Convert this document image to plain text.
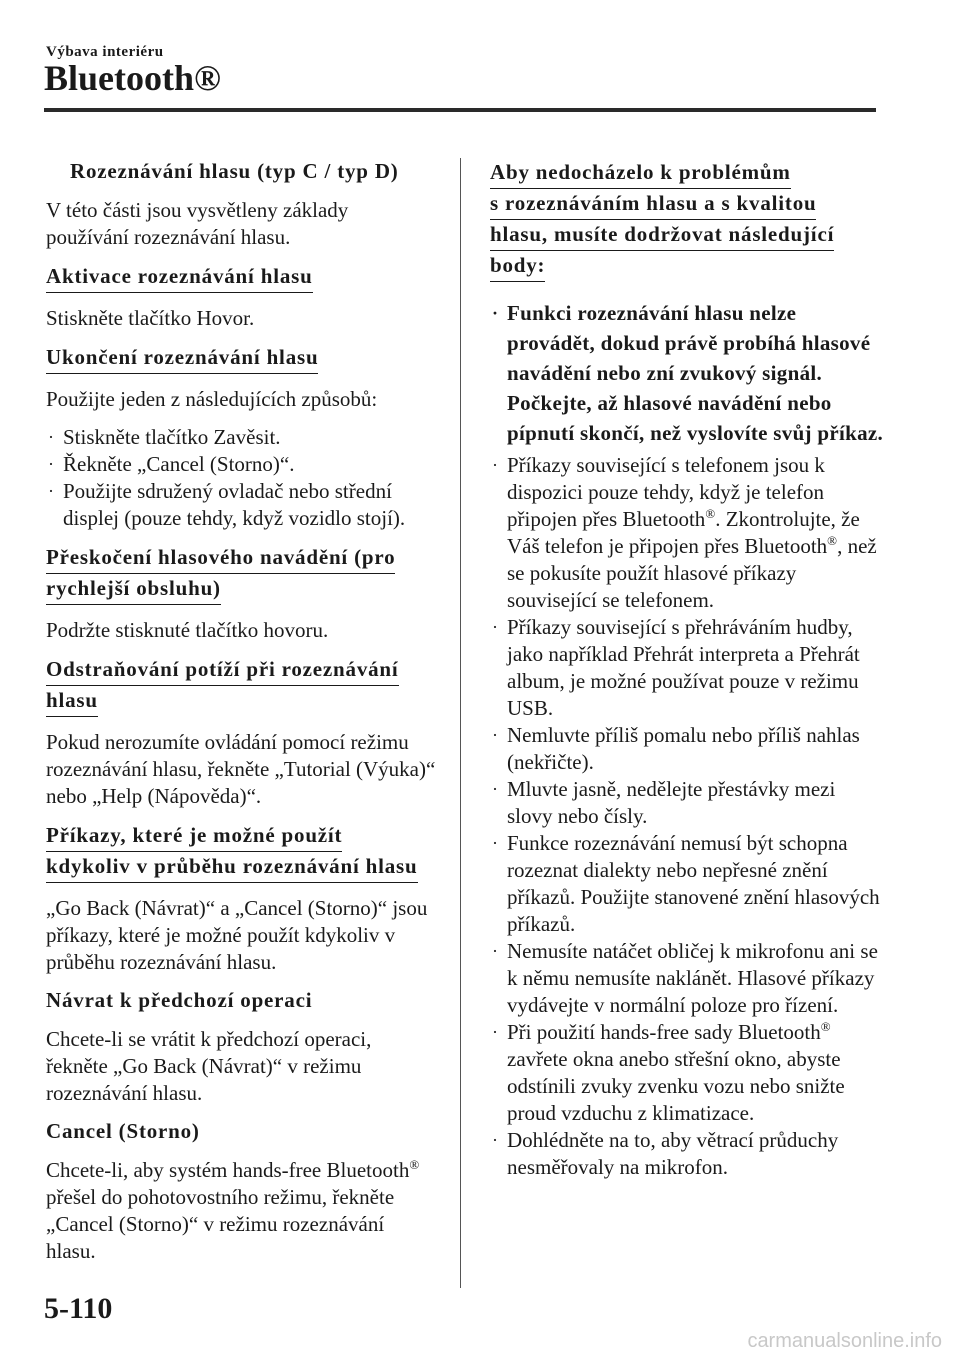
Výbava interiéru
Bluetooth®
Rozeznávání hlasu (typ C / typ D)

V této části jsou vysvětleny základy používání rozeznávání hlasu.

Aktivace rozeznávání hlasu

Stiskněte tlačítko Hovor.

Ukončení rozeznávání hlasu

Použijte jeden z následujících způsobů:

· Stiskněte tlačítko Zavěsit.
· Řekněte „Cancel (Storno)“.
· Použijte sdružený ovladač nebo střední displej (pouze tehdy, když vozidlo stojí).
Přeskočení hlasového navádění (pro
rychlejší obsluhu)

Podržte stisknuté tlačítko hovoru.

Odstraňování potíží při rozeznávání
hlasu

Pokud nerozumíte ovládání pomocí režimu rozeznávání hlasu, řekněte „Tutorial (Výuka)“ nebo „Help (Nápověda)“.

Příkazy, které je možné použít
kdykoliv v průběhu rozeznávání hlasu

„Go Back (Návrat)“ a „Cancel (Storno)“ jsou příkazy, které je možné použít kdykoliv v průběhu rozeznávání hlasu.

Návrat k předchozí operaci

Chcete-li se vrátit k předchozí operaci, řekněte „Go Back (Návrat)“ v režimu rozeznávání hlasu.

Cancel (Storno)

Chcete-li, aby systém hands-free Bluetooth® přešel do pohotovostního režimu, řekněte „Cancel (Storno)“ v režimu rozeznávání hlasu.

Aby nedocházelo k problémům
s rozeznáváním hlasu a s kvalitou
hlasu, musíte dodržovat následující
body:
· Funkci rozeznávání hlasu nelze provádět, dokud právě probíhá hlasové navádění nebo zní zvukový signál. Počkejte, až hlasové navádění nebo pípnutí skončí, než vyslovíte svůj příkaz.
· Příkazy související s telefonem jsou k dispozici pouze tehdy, když je telefon připojen přes Bluetooth®. Zkontrolujte, že Váš telefon je připojen přes Bluetooth®, než se pokusíte použít hlasové příkazy související se telefonem.
· Příkazy související s přehráváním hudby, jako například Přehrát interpreta a Přehrát album, je možné používat pouze v režimu USB.
· Nemluvte příliš pomalu nebo příliš nahlas (nekřičte).
· Mluvte jasně, nedělejte přestávky mezi slovy nebo čísly.
· Funkce rozeznávání nemusí být schopna rozeznat dialekty nebo nepřesné znění příkazů. Použijte stanovené znění hlasových příkazů.
· Nemusíte natáčet obličej k mikrofonu ani se k němu nemusíte naklánět. Hlasové příkazy vydávejte v normální poloze pro řízení.
· Při použití hands-free sady Bluetooth® zavřete okna anebo střešní okno, abyste odstínili zvuky zvenku vozu nebo snižte proud vzduchu z klimatizace.
· Dohlédněte na to, aby větrací průduchy nesměřovaly na mikrofon.
5-110
carmanualsonline.info
